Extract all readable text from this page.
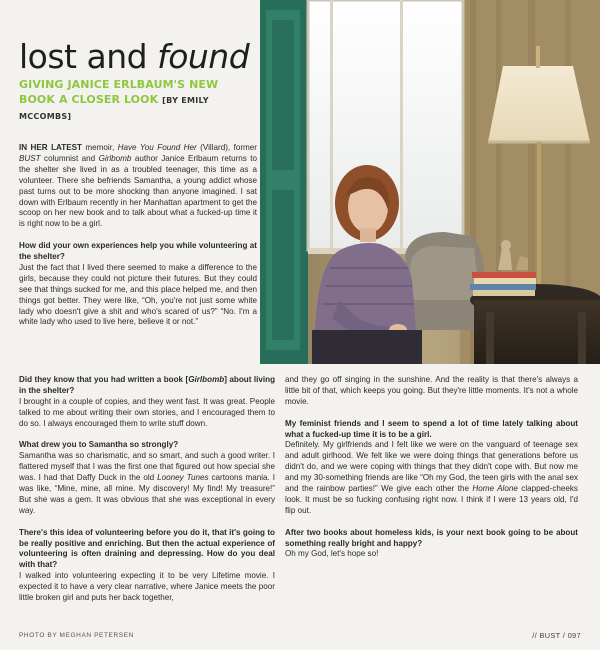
lost and found
GIVING JANICE ERLBAUM'S NEW BOOK A CLOSER LOOK [BY EMILY MCCOMBS]

IN HER LATEST memoir, Have You Found Her (Villard), former BUST columnist and Girlbomb author Janice Erlbaum returns to the shelter she lived in as a troubled teenager, this time as a volunteer. There she befriends Samantha, a young addict whose past turns out to be more shocking than anyone imagined. I sat down with Erlbaum recently in her Manhattan apartment to get the scoop on her new book and to talk about what a fucked-up time it is right now to be a girl.

How did your own experiences help you while volunteering at the shelter?
Just the fact that I lived there seemed to make a difference to the girls, because they could not picture their futures. But they could see that things sucked for me, and this place helped me, and then things got better. They were like, “Oh, you're not just some white lady who doesn't give a shit and who's scared of us?” “No. I'm a white lady who used to live here, believe it or not.”

Did they know that you had written a book [Girlbomb] about living in the shelter?
I brought in a couple of copies, and they went fast. It was great. People talked to me about writing their own stories, and I encouraged them to do so. I always encouraged them to write stuff down.

What drew you to Samantha so strongly?
Samantha was so charismatic, and so smart, and such a good writer. I flattered myself that I was the first one that figured out how special she was. I had that Daffy Duck in the old Looney Tunes cartoons mania. I was like, “Mine, mine, all mine. My discovery! My find! My treasure!” But she was a gem. It was obvious that she was exceptional in every way.

There's this idea of volunteering before you do it, that it's going to be really positive and enriching. But then the actual experience of volunteering is often draining and depressing. How do you deal with that?
I walked into volunteering expecting it to be very Lifetime movie. I expected it to have a very clear narrative, where Janice meets the poor little broken girl and puts her back together,

and they go off singing in the sunshine. And the reality is that there's always a little bit of that, which keeps you going. But they're little moments. It's not a whole movie.

My feminist friends and I seem to spend a lot of time lately talking about what a fucked-up time it is to be a girl.
Definitely. My girlfriends and I felt like we were on the vanguard of teenage sex and adult girlhood. We felt like we were doing things that generations before us didn't do, and we were coping with things that they didn't cope with. But now me and my 30-something friends are like “Oh my God, the teen girls with the anal sex and the rainbow parties!” We give each other the Home Alone clapped-cheeks look. It must be so fucking confusing right now. I think if I were 13 years old, I'd flip out.

After two books about homeless kids, is your next book going to be about something really bright and happy?
Oh my God, let's hope so!

PHOTO BY MEGHAN PETERSEN	// BUST / 097
